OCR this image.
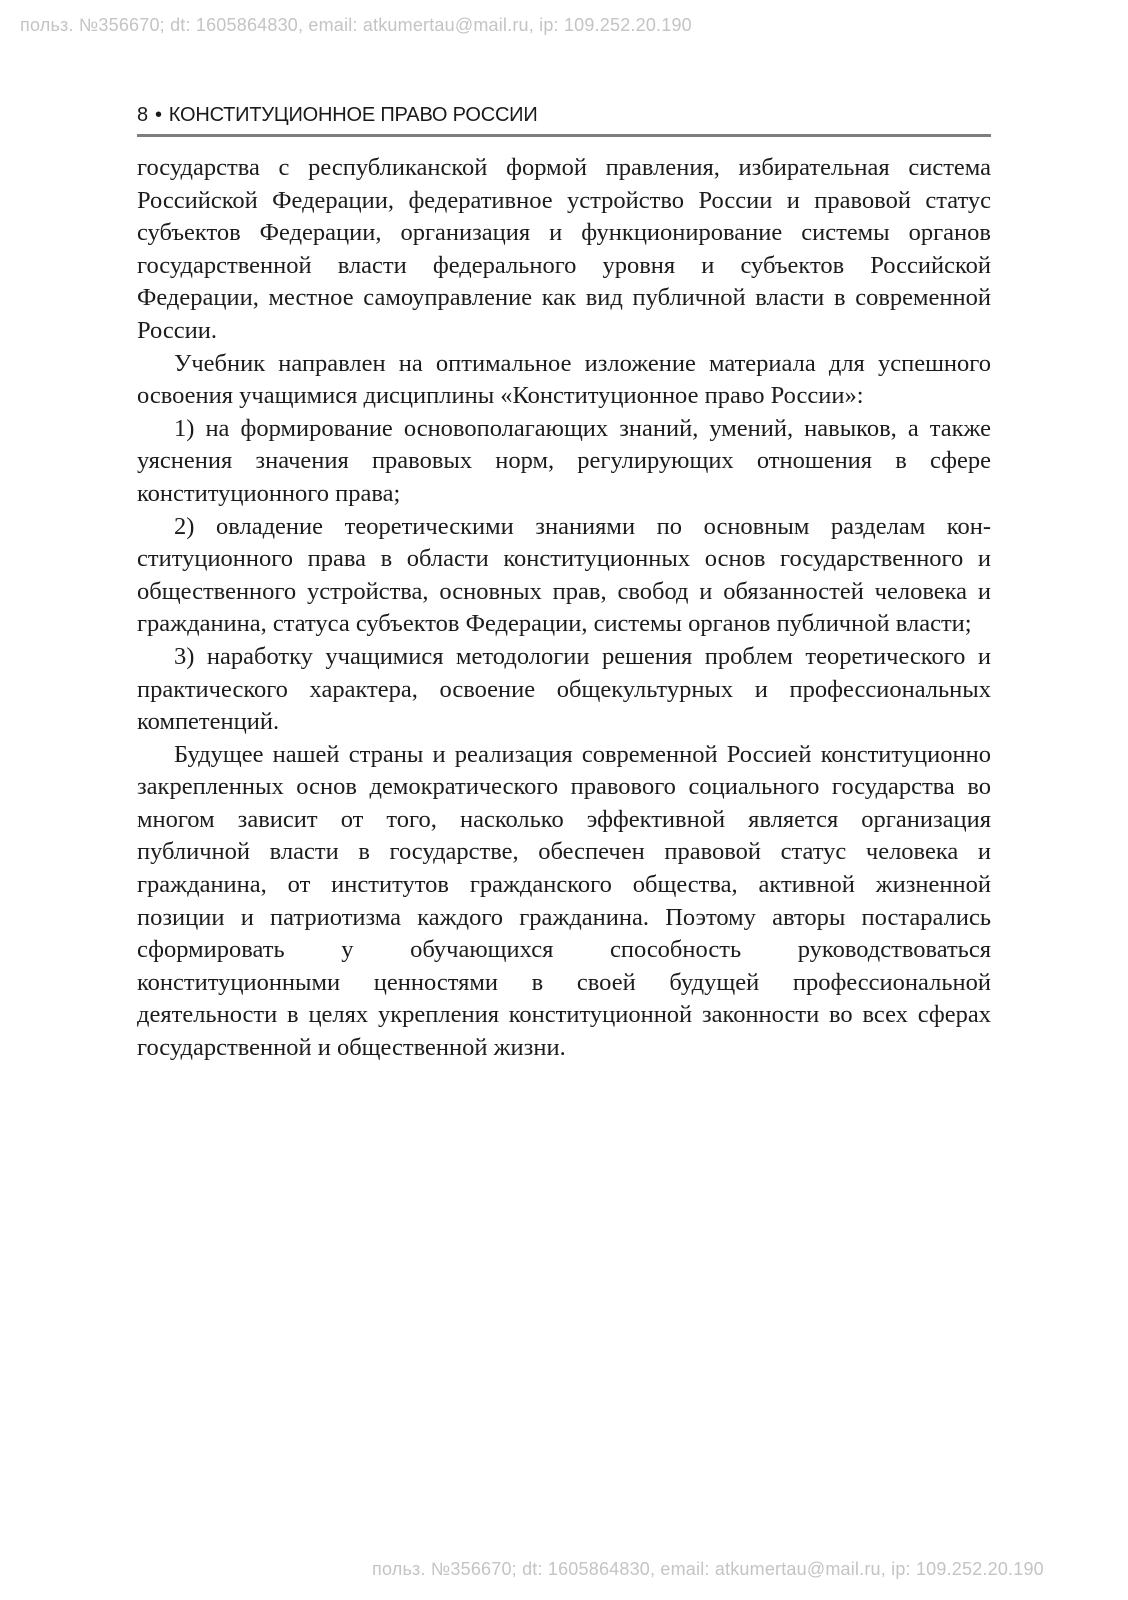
польз. №356670; dt: 1605864830, email: atkumertau@mail.ru, ip: 109.252.20.190
8 • КОНСТИТУЦИОННОЕ ПРАВО РОССИИ

государства с республиканской формой правления, избирательная система Российской Федерации, федеративное устройство России и правовой статус субъектов Федерации, организация и функционирование системы органов государственной власти федерального уровня и субъектов Российской Федерации, местное самоуправление как вид публичной власти в современной России.

Учебник направлен на оптимальное изложение материала для успешного освоения учащимися дисциплины «Конституционное право России»:

1) на формирование основополагающих знаний, умений, навыков, а также уяснения значения правовых норм, регулирующих отношения в сфере конституционного права;

2) овладение теоретическими знаниями по основным разделам конституционного права в области конституционных основ государственного и общественного устройства, основных прав, свобод и обязанностей человека и гражданина, статуса субъектов Федерации, системы органов публичной власти;

3) наработку учащимися методологии решения проблем теоретического и практического характера, освоение общекультурных и профессиональных компетенций.

Будущее нашей страны и реализация современной Россией конституционно закрепленных основ демократического правового социального государства во многом зависит от того, насколько эффективной является организация публичной власти в государстве, обеспечен правовой статус человека и гражданина, от институтов гражданского общества, активной жизненной позиции и патриотизма каждого гражданина. Поэтому авторы постарались сформировать у обучающихся способность руководствоваться конституционными ценностями в своей будущей профессиональной деятельности в целях укрепления конституционной законности во всех сферах государственной и общественной жизни.

польз. №356670; dt: 1605864830, email: atkumertau@mail.ru, ip: 109.252.20.190
